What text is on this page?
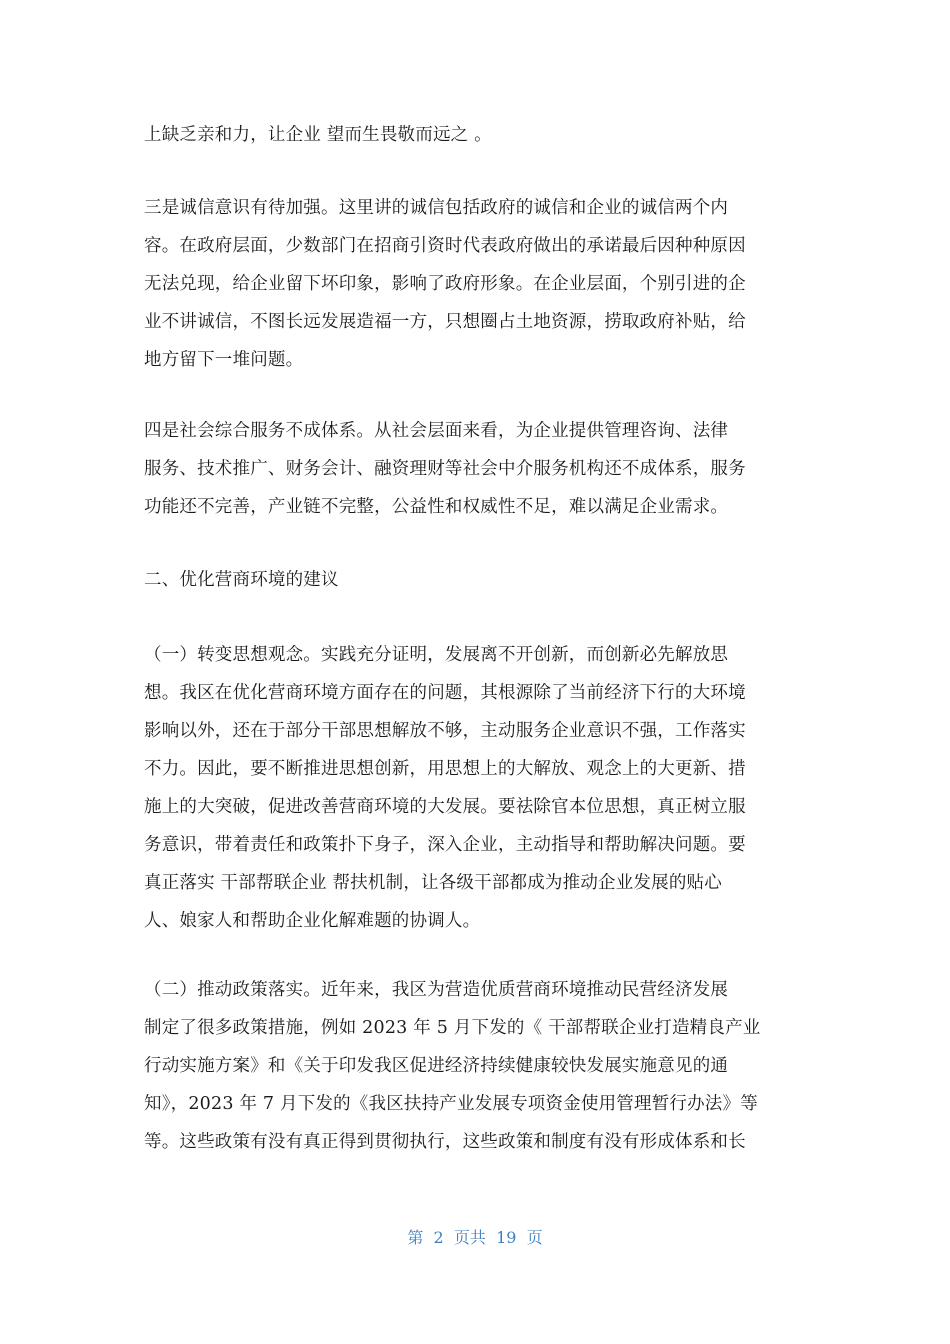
上缺乏亲和力，让企业 望而生畏敬而远之 。
三是诚信意识有待加强。这里讲的诚信包括政府的诚信和企业的诚信两个内
容。在政府层面，少数部门在招商引资时代表政府做出的承诺最后因种种原因
无法兑现，给企业留下坏印象，影响了政府形象。在企业层面，个别引进的企
业不讲诚信，不图长远发展造福一方，只想圈占土地资源，捞取政府补贴，给
地方留下一堆问题。
四是社会综合服务不成体系。从社会层面来看，为企业提供管理咨询、法律
服务、技术推广、财务会计、融资理财等社会中介服务机构还不成体系，服务
功能还不完善，产业链不完整，公益性和权威性不足，难以满足企业需求。
二、优化营商环境的建议
（一）转变思想观念。实践充分证明，发展离不开创新，而创新必先解放思
想。我区在优化营商环境方面存在的问题，其根源除了当前经济下行的大环境
影响以外，还在于部分干部思想解放不够，主动服务企业意识不强，工作落实
不力。因此，要不断推进思想创新，用思想上的大解放、观念上的大更新、措
施上的大突破，促进改善营商环境的大发展。要祛除官本位思想，真正树立服
务意识，带着责任和政策扑下身子，深入企业，主动指导和帮助解决问题。要
真正落实 干部帮联企业 帮扶机制，让各级干部都成为推动企业发展的贴心
人、娘家人和帮助企业化解难题的协调人。
（二）推动政策落实。近年来，我区为营造优质营商环境推动民营经济发展
制定了很多政策措施，例如 2023 年 5 月下发的《 干部帮联企业打造精良产业
行动实施方案》和《关于印发我区促进经济持续健康较快发展实施意见的通
知》，2023 年 7 月下发的《我区扶持产业发展专项资金使用管理暂行办法》等
等。这些政策有没有真正得到贯彻执行，这些政策和制度有没有形成体系和长
第  2  页共  19  页
